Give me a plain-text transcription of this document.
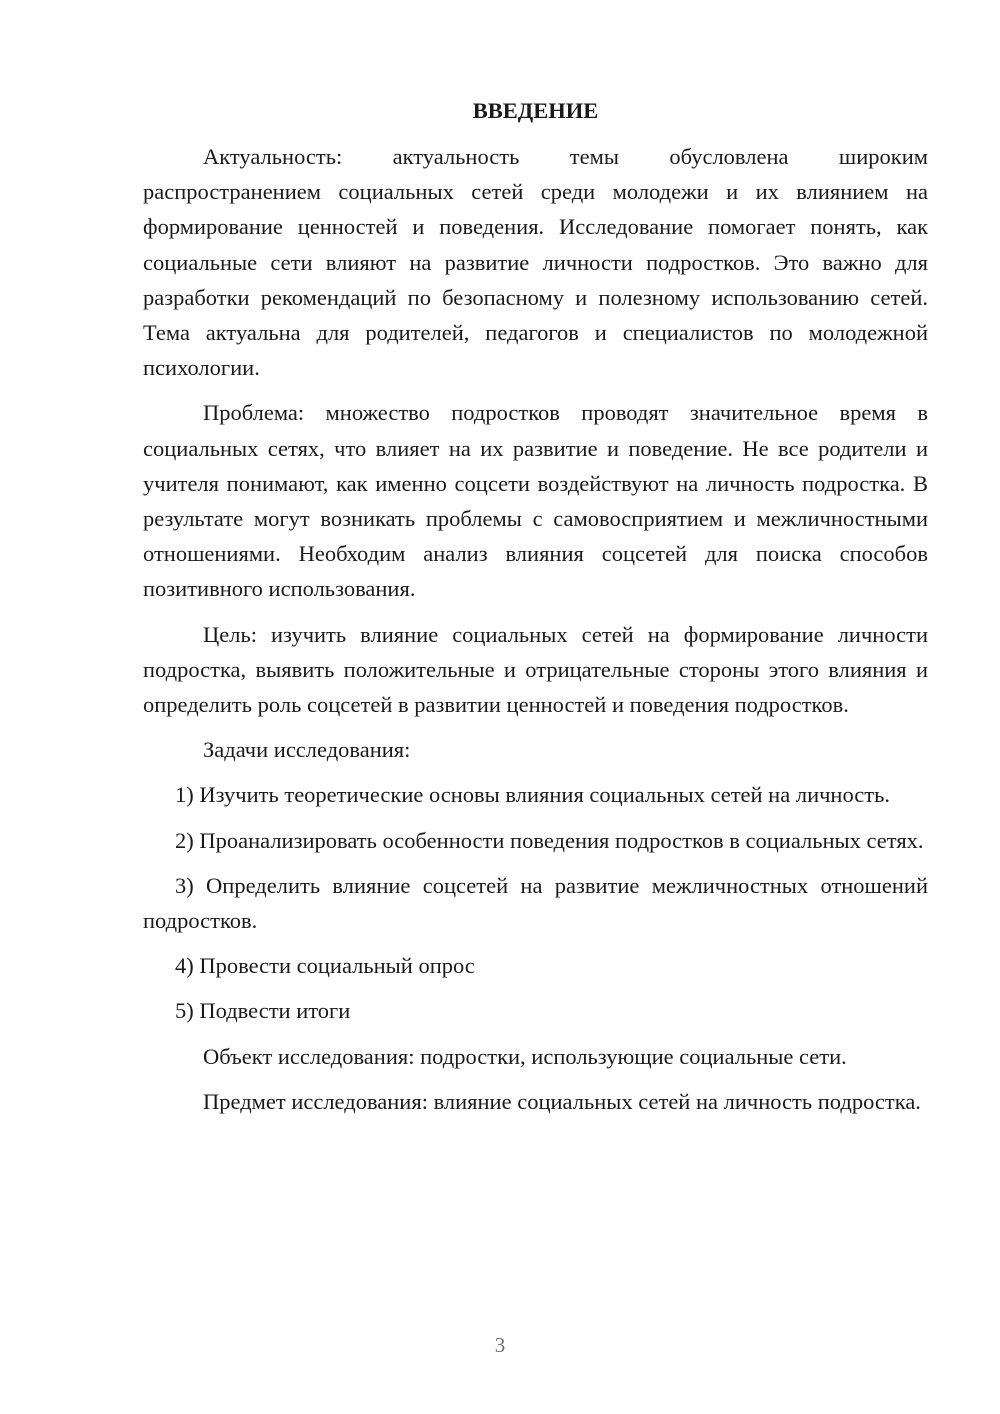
ВВЕДЕНИЕ

Актуальность: актуальность темы обусловлена широким распространением социальных сетей среди молодежи и их влиянием на формирование ценностей и поведения. Исследование помогает понять, как социальные сети влияют на развитие личности подростков. Это важно для разработки рекомендаций по безопасному и полезному использованию сетей. Тема актуальна для родителей, педагогов и специалистов по молодежной психологии.

Проблема: множество подростков проводят значительное время в социальных сетях, что влияет на их развитие и поведение. Не все родители и учителя понимают, как именно соцсети воздействуют на личность подростка. В результате могут возникать проблемы с самовосприятием и межличностными отношениями. Необходим анализ влияния соцсетей для поиска способов позитивного использования.

Цель: изучить влияние социальных сетей на формирование личности подростка, выявить положительные и отрицательные стороны этого влияния и определить роль соцсетей в развитии ценностей и поведения подростков.

Задачи исследования:

1) Изучить теоретические основы влияния социальных сетей на личность.

2) Проанализировать особенности поведения подростков в социальных сетях.

3) Определить влияние соцсетей на развитие межличностных отношений подростков.

4) Провести социальный опрос

5) Подвести итоги

Объект исследования: подростки, использующие социальные сети.

Предмет исследования: влияние социальных сетей на личность подростка.

3
